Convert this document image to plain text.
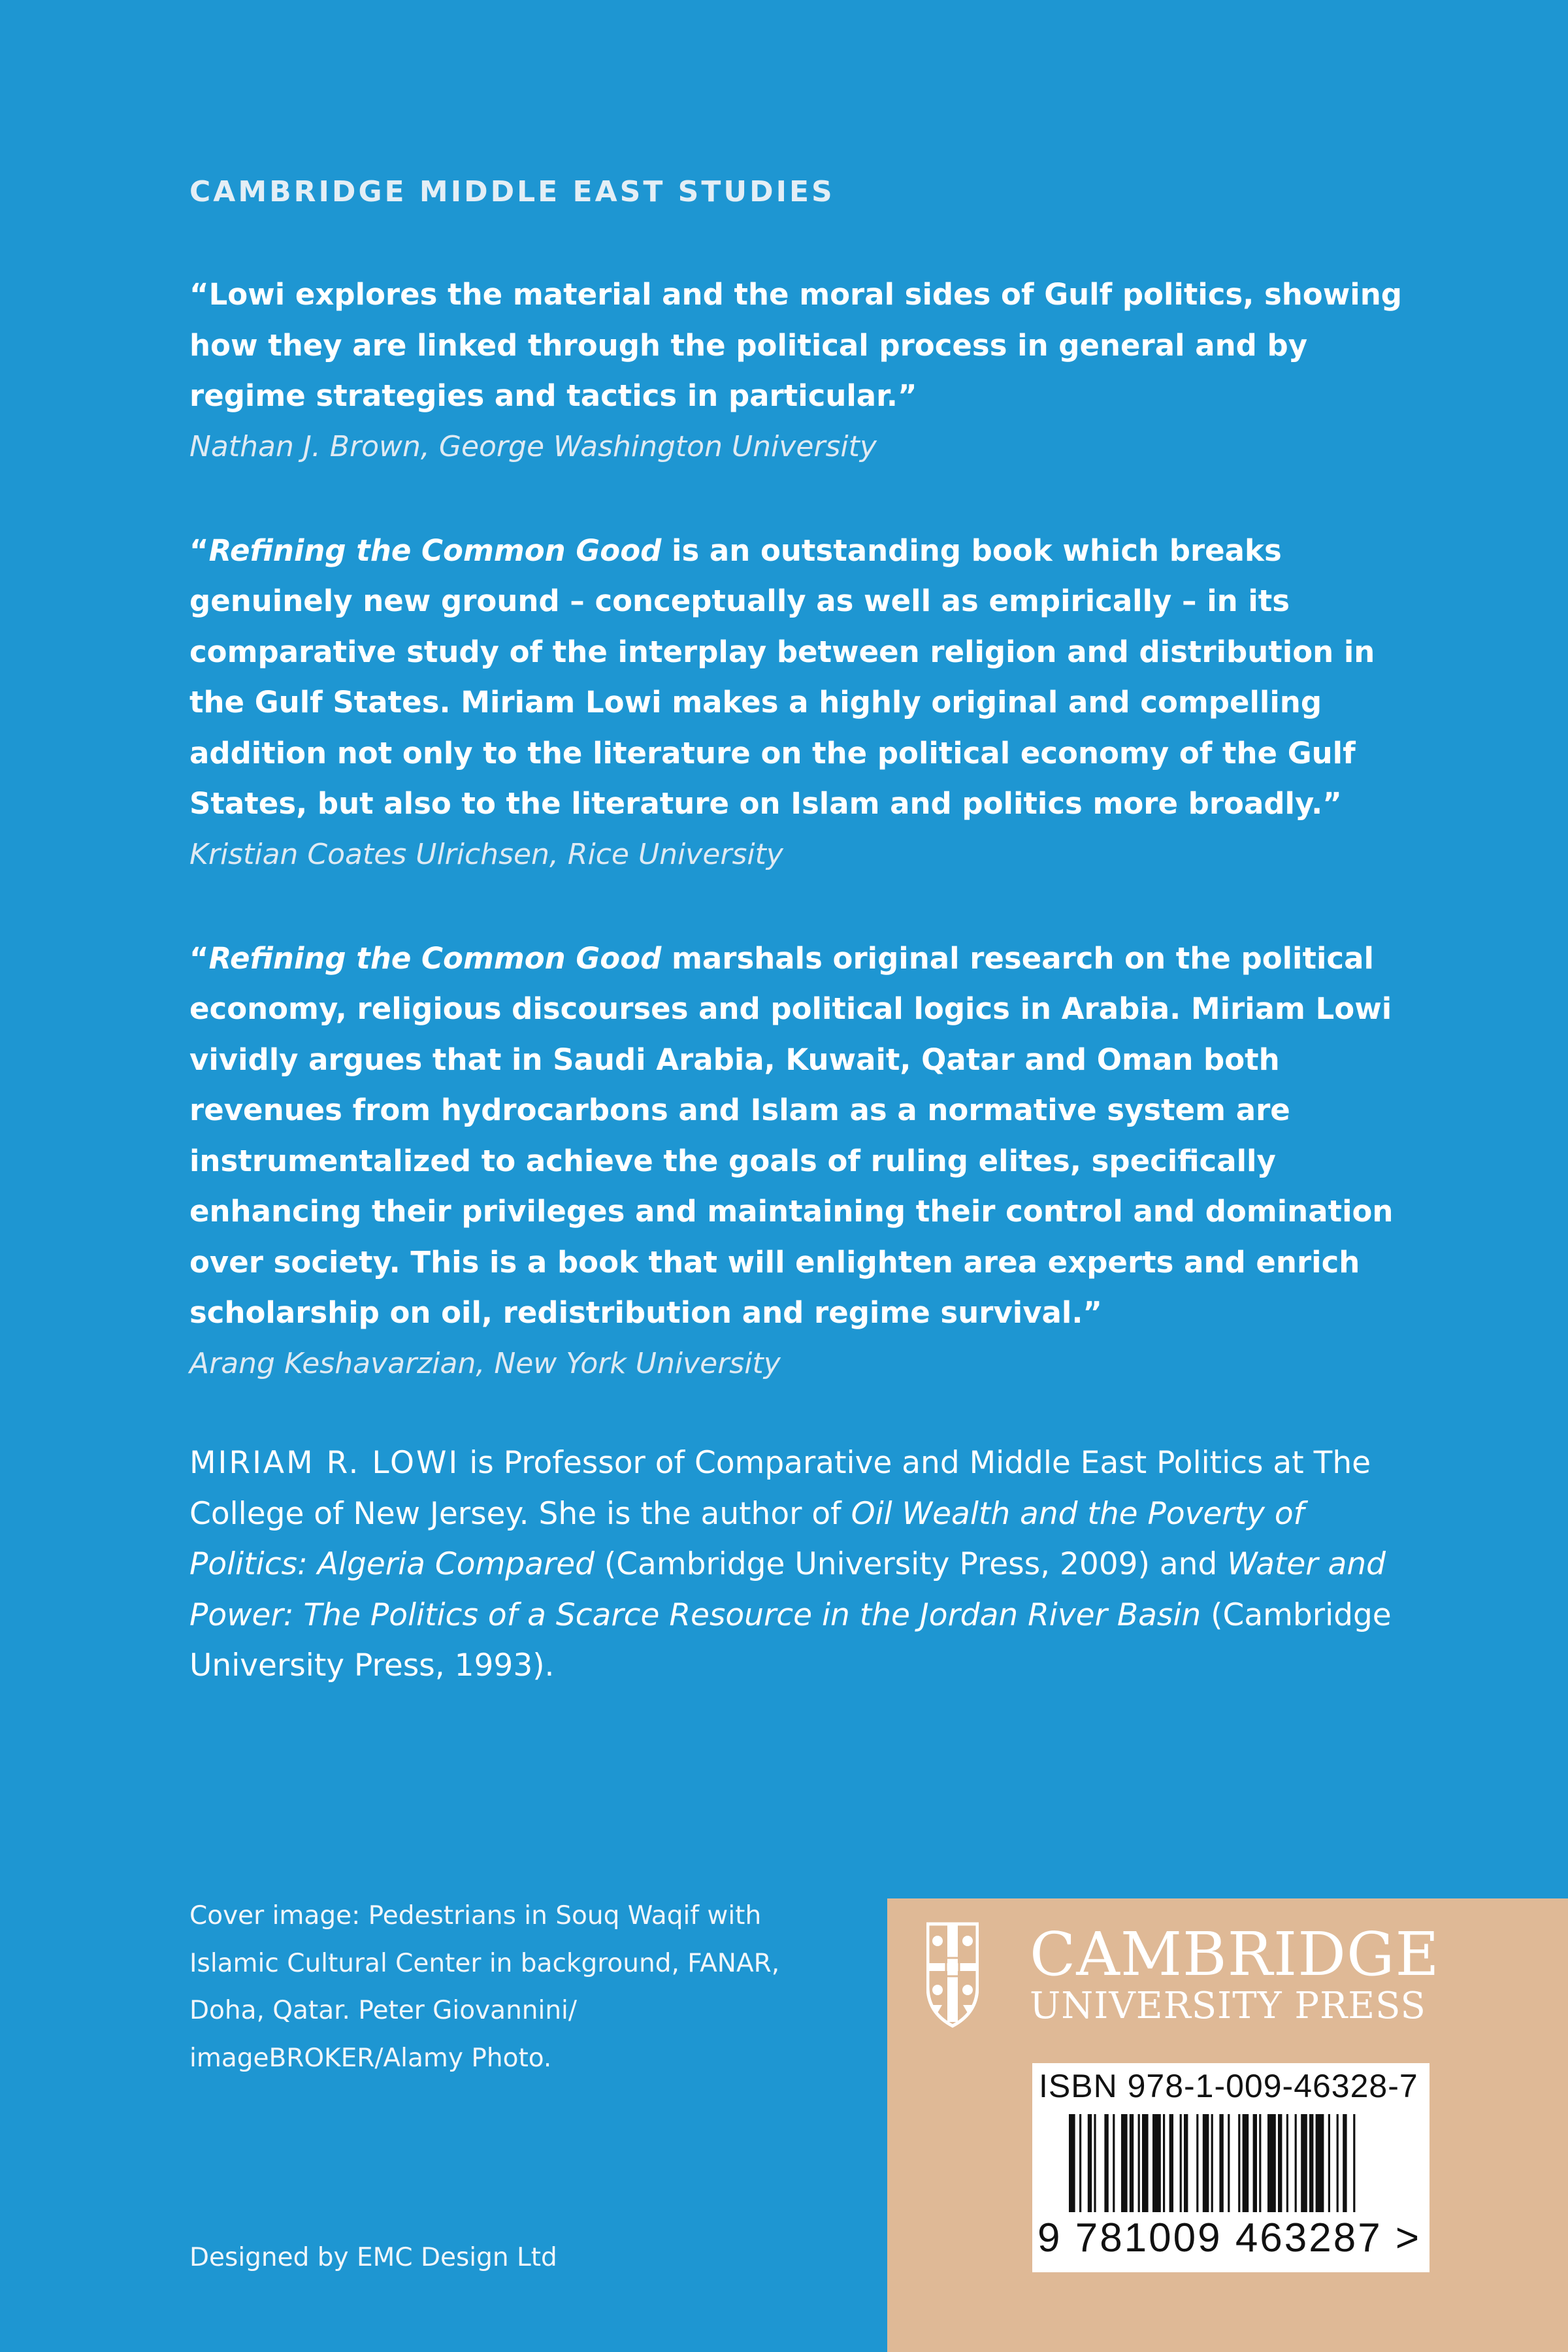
CAMBRIDGE MIDDLE EAST STUDIES

“Lowi explores the material and the moral sides of Gulf politics, showing how they are linked through the political process in general and by regime strategies and tactics in particular.”

Nathan J. Brown, George Washington University

“Refining the Common Good is an outstanding book which breaks genuinely new ground – conceptually as well as empirically – in its comparative study of the interplay between religion and distribution in the Gulf States. Miriam Lowi makes a highly original and compelling addition not only to the literature on the political economy of the Gulf States, but also to the literature on Islam and politics more broadly.”

Kristian Coates Ulrichsen, Rice University

“Refining the Common Good marshals original research on the political economy, religious discourses and political logics in Arabia. Miriam Lowi vividly argues that in Saudi Arabia, Kuwait, Qatar and Oman both revenues from hydrocarbons and Islam as a normative system are instrumentalized to achieve the goals of ruling elites, specifically enhancing their privileges and maintaining their control and domination over society. This is a book that will enlighten area experts and enrich scholarship on oil, redistribution and regime survival.”

Arang Keshavarzian, New York University

MIRIAM R. LOWI is Professor of Comparative and Middle East Politics at The College of New Jersey. She is the author of Oil Wealth and the Poverty of Politics: Algeria Compared (Cambridge University Press, 2009) and Water and Power: The Politics of a Scarce Resource in the Jordan River Basin (Cambridge University Press, 1993).

Cover image: Pedestrians in Souq Waqif with Islamic Cultural Center in background, FANAR, Doha, Qatar. Peter Giovannini/ imageBROKER/Alamy Photo.

Designed by EMC Design Ltd

CAMBRIDGE
UNIVERSITY PRESS
ISBN 978-1-009-46328-7
9 781009 463287 >
